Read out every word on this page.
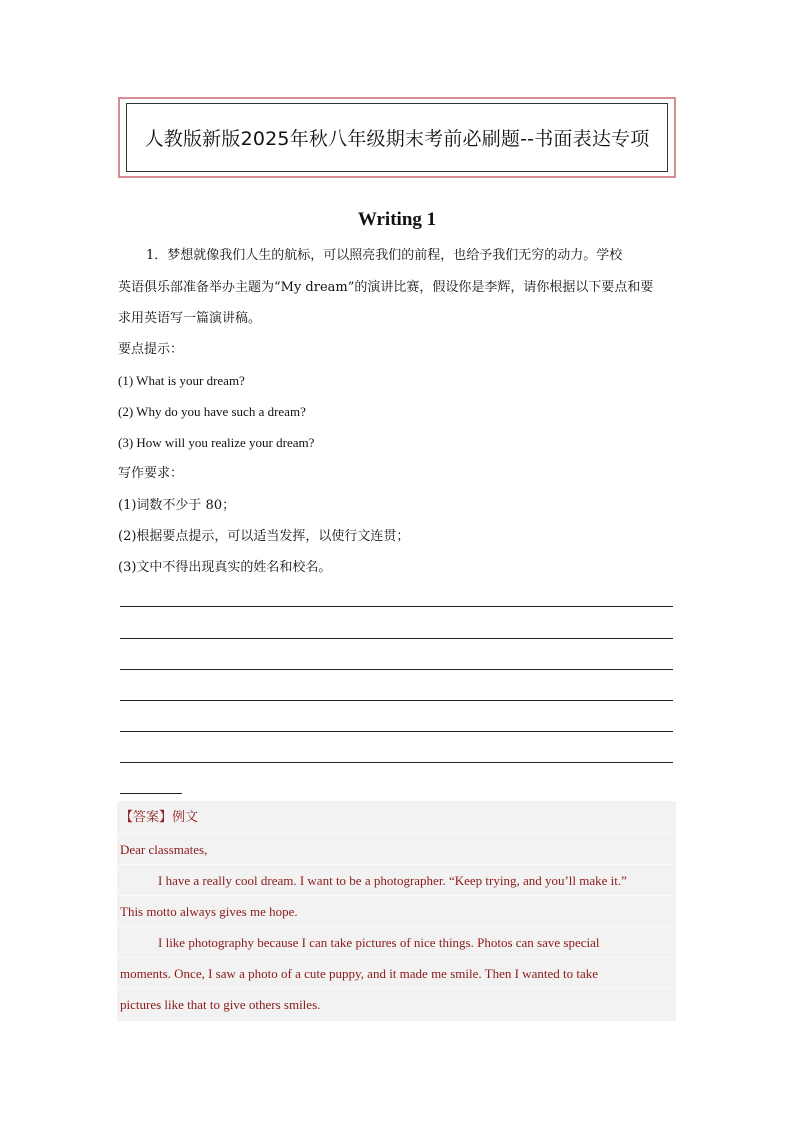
人教版新版2025年秋八年级期末考前必刷题--书面表达专项
Writing 1
1．梦想就像我们人生的航标，可以照亮我们的前程，也给予我们无穷的动力。学校
英语俱乐部准备举办主题为“My dream”的演讲比赛，假设你是李辉，请你根据以下要点和要
求用英语写一篇演讲稿。
要点提示：
(1) What is your dream?
(2) Why do you have such a dream?
(3) How will you realize your dream?
写作要求：
(1)词数不少于 80；
(2)根据要点提示，可以适当发挥，以使行文连贯；
(3)文中不得出现真实的姓名和校名。
【答案】例文
Dear classmates,
I have a really cool dream. I want to be a photographer. “Keep trying, and you’ll make it.”
This motto always gives me hope.
I like photography because I can take pictures of nice things. Photos can save special
moments. Once, I saw a photo of a cute puppy, and it made me smile. Then I wanted to take
pictures like that to give others smiles.
